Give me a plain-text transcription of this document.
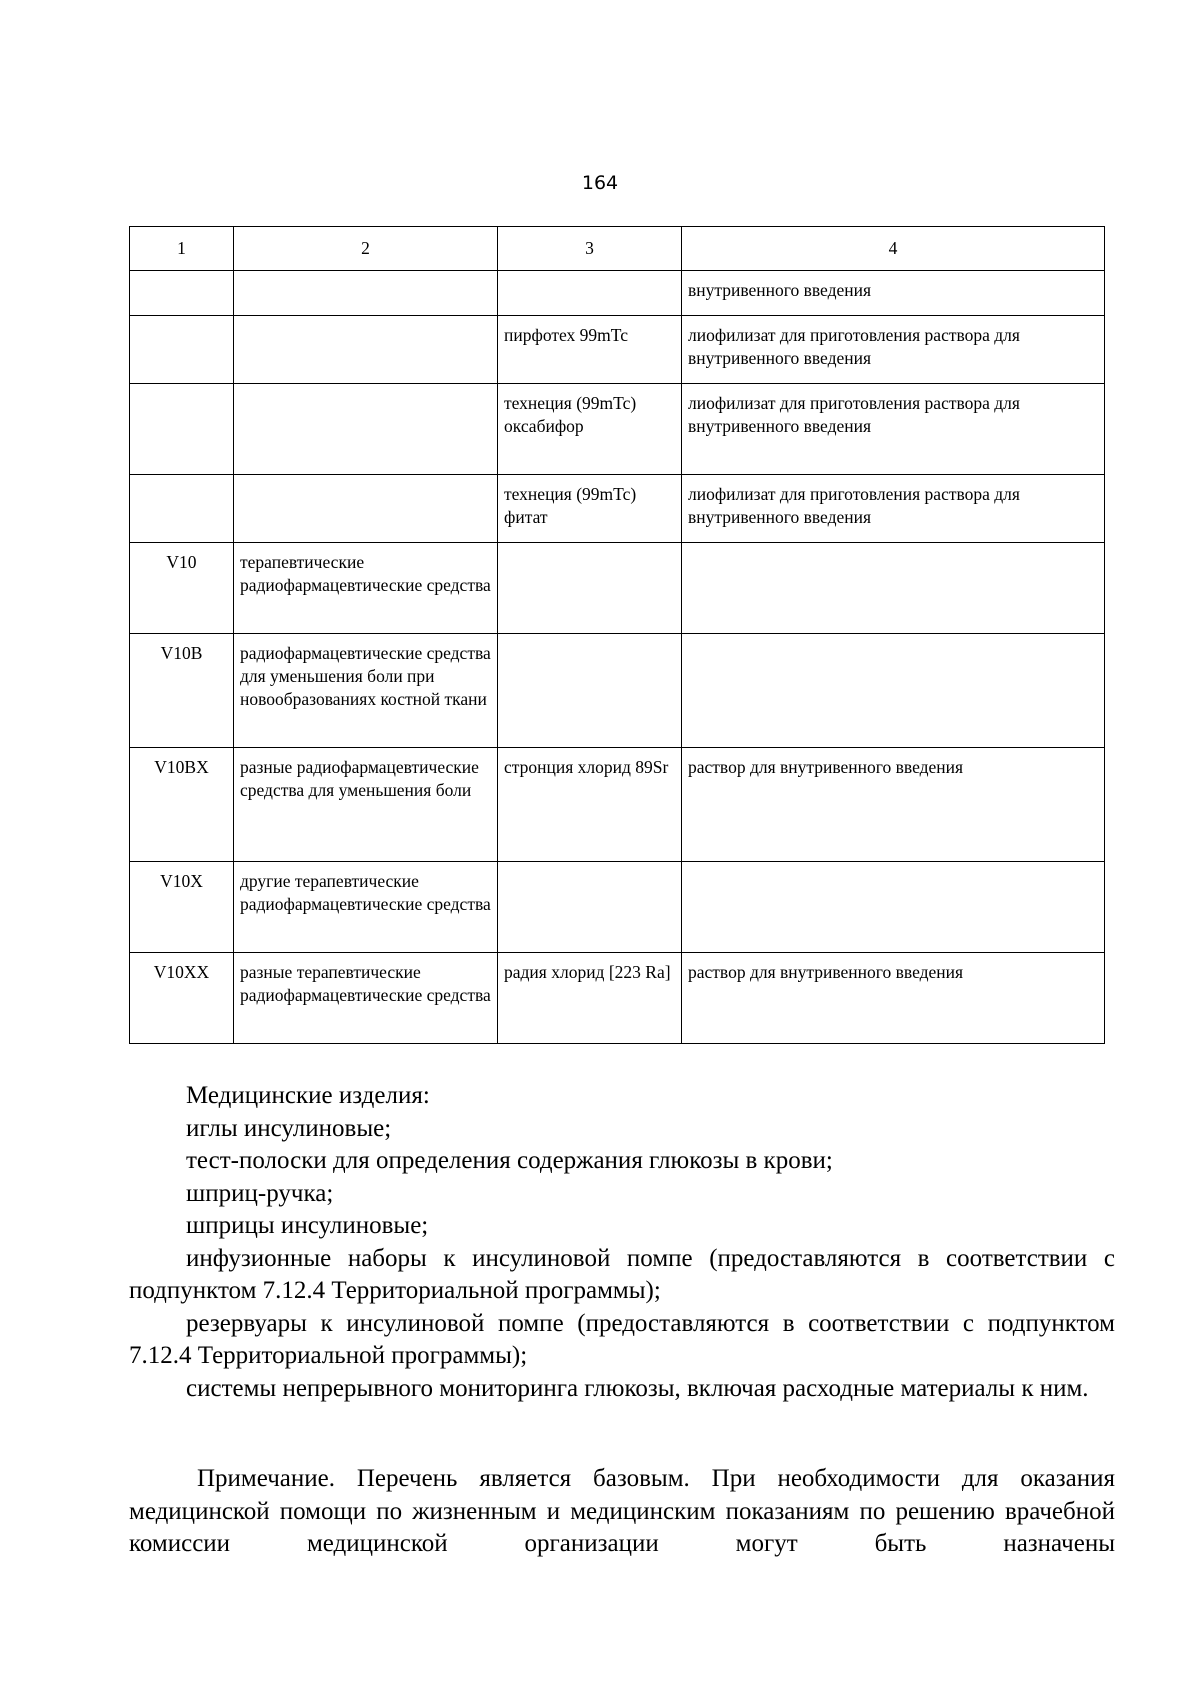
164
1	2	3	4
			внутривенного введения
		пирфотех 99mTc	лиофилизат для приготовления раствора для внутривенного введения
		технеция (99mTc) оксабифор	лиофилизат для приготовления раствора для внутривенного введения
		технеция (99mTc) фитат	лиофилизат для приготовления раствора для внутривенного введения
V10	терапевтические радиофармацевтические средства		
V10B	радиофармацевтические средства для уменьшения боли при новообразованиях костной ткани		
V10BX	разные радиофармацевтические средства для уменьшения боли	стронция хлорид 89Sr	раствор для внутривенного введения
V10X	другие терапевтические радиофармацевтические средства		
V10XX	разные терапевтические радиофармацевтические средства	радия хлорид [223 Ra]	раствор для внутривенного введения

Медицинские изделия:

иглы инсулиновые;

тест-полоски для определения содержания глюкозы в крови;

шприц-ручка;

шприцы инсулиновые;

инфузионные наборы к инсулиновой помпе (предоставляются в соответствии с подпунктом 7.12.4 Территориальной программы);

резервуары к инсулиновой помпе (предоставляются в соответствии с подпунктом 7.12.4 Территориальной программы);

системы непрерывного мониторинга глюкозы, включая расходные материалы к ним.

Примечание. Перечень является базовым. При необходимости для оказания медицинской помощи по жизненным и медицинским показаниям по решению врачебной комиссии медицинской организации могут быть назначены
